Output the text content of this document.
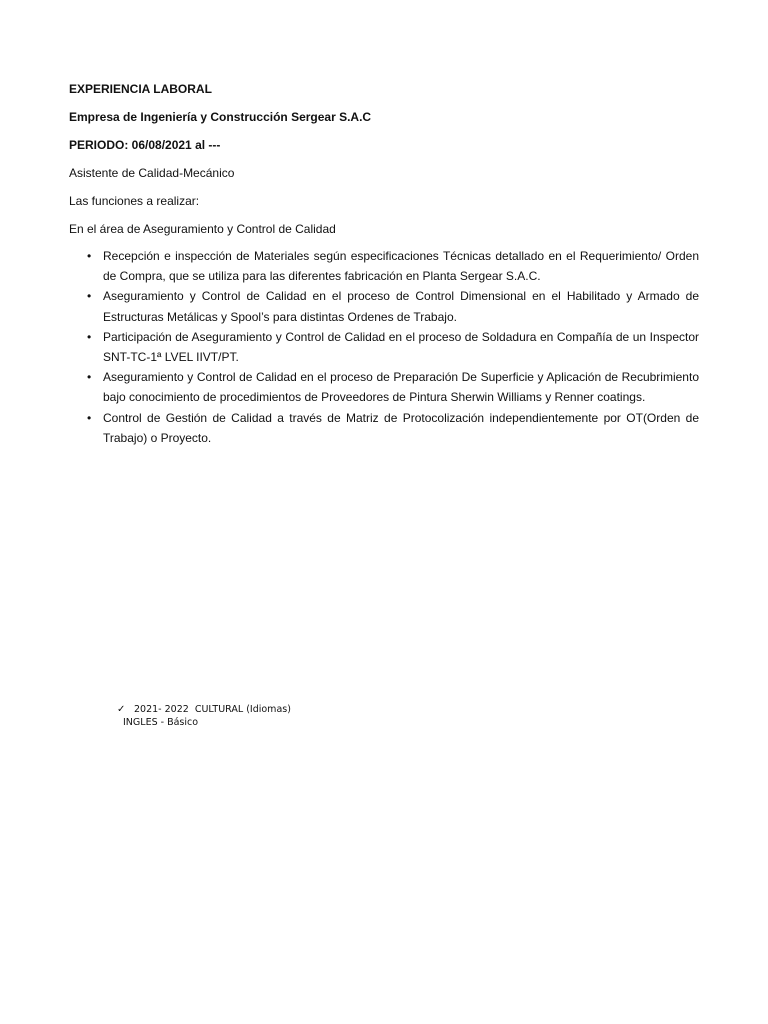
EXPERIENCIA LABORAL

Empresa de Ingeniería y Construcción Sergear S.A.C

PERIODO: 06/08/2021 al ---

Asistente de Calidad-Mecánico

Las funciones a realizar:

En el área de Aseguramiento y Control de Calidad

• Recepción e inspección de Materiales según especificaciones Técnicas detallado en el Requerimiento/ Orden de Compra, que se utiliza para las diferentes fabricación en Planta Sergear S.A.C.
• Aseguramiento y Control de Calidad en el proceso de Control Dimensional en el Habilitado y Armado de Estructuras Metálicas y Spool’s para distintas Ordenes de Trabajo.
• Participación de Aseguramiento y Control de Calidad en el proceso de Soldadura en Compañía de un Inspector SNT-TC-1ª LVEL IIVT/PT.
• Aseguramiento y Control de Calidad en el proceso de Preparación De Superficie y Aplicación de Recubrimiento bajo conocimiento de procedimientos de Proveedores de Pintura Sherwin Williams y Renner coatings.
• Control de Gestión de Calidad a través de Matriz de Protocolización independientemente por OT(Orden de Trabajo) o Proyecto.
✓ 2021- 2022  CULTURAL (Idiomas)
INGLES - Básico
